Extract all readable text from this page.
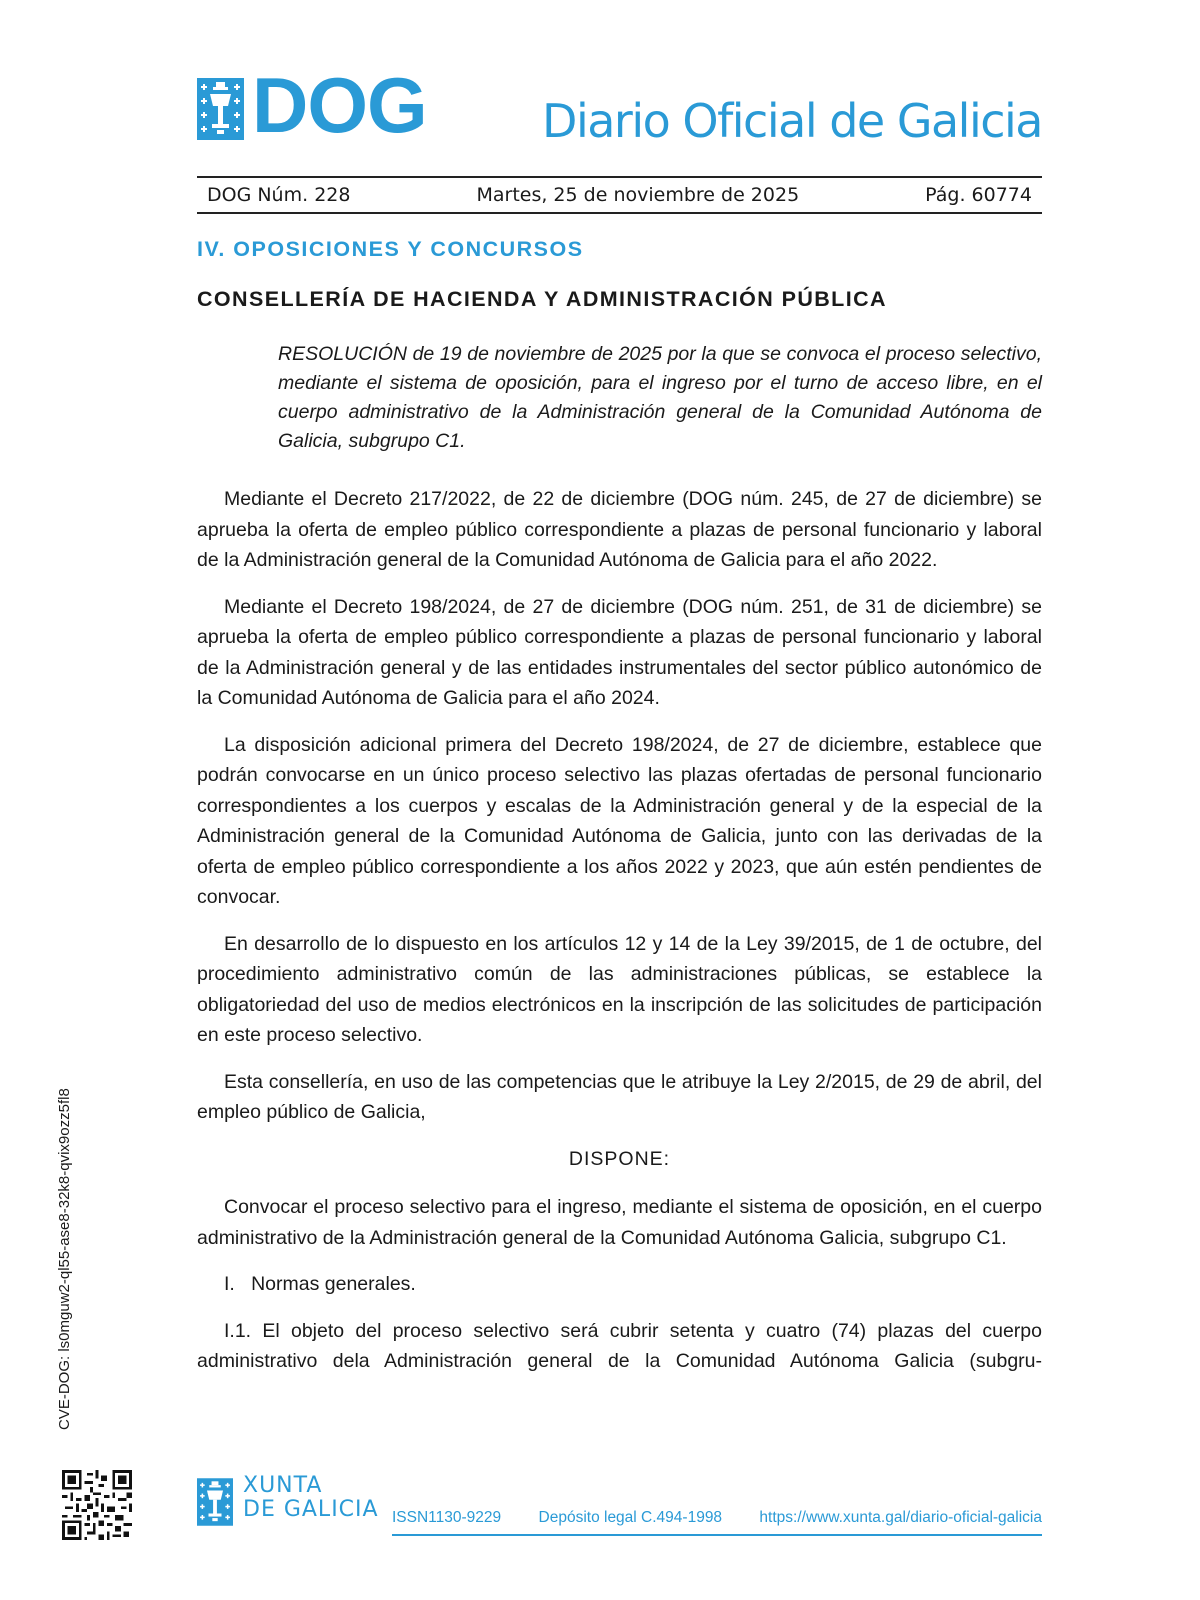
DOG	Diario Oficial de Galicia
DOG Núm. 228	Martes, 25 de noviembre de 2025	Pág. 60774
IV. OPOSICIONES Y CONCURSOS
CONSELLERÍA DE HACIENDA Y ADMINISTRACIÓN PÚBLICA

RESOLUCIÓN de 19 de noviembre de 2025 por la que se convoca el proceso selectivo, mediante el sistema de oposición, para el ingreso por el turno de acceso libre, en el cuerpo administrativo de la Administración general de la Comunidad Autónoma de Galicia, subgrupo C1.

Mediante el Decreto 217/2022, de 22 de diciembre (DOG núm. 245, de 27 de diciembre) se aprueba la oferta de empleo público correspondiente a plazas de personal funcionario y laboral de la Administración general de la Comunidad Autónoma de Galicia para el año 2022.

Mediante el Decreto 198/2024, de 27 de diciembre (DOG núm. 251, de 31 de diciembre) se aprueba la oferta de empleo público correspondiente a plazas de personal funcionario y laboral de la Administración general y de las entidades instrumentales del sector público autonómico de la Comunidad Autónoma de Galicia para el año 2024.

La disposición adicional primera del Decreto 198/2024, de 27 de diciembre, establece que podrán convocarse en un único proceso selectivo las plazas ofertadas de personal funcionario correspondientes a los cuerpos y escalas de la Administración general y de la especial de la Administración general de la Comunidad Autónoma de Galicia, junto con las derivadas de la oferta de empleo público correspondiente a los años 2022 y 2023, que aún estén pendientes de convocar.

En desarrollo de lo dispuesto en los artículos 12 y 14 de la Ley 39/2015, de 1 de octubre, del procedimiento administrativo común de las administraciones públicas, se establece la obligatoriedad del uso de medios electrónicos en la inscripción de las solicitudes de participación en este proceso selectivo.

Esta consellería, en uso de las competencias que le atribuye la Ley 2/2015, de 29 de abril, del empleo público de Galicia,

DISPONE:

Convocar el proceso selectivo para el ingreso, mediante el sistema de oposición, en el cuerpo administrativo de la Administración general de la Comunidad Autónoma Galicia, subgrupo C1.

I.   Normas generales.

I.1. El objeto del proceso selectivo será cubrir setenta y cuatro (74) plazas del cuerpo administrativo dela Administración general de la Comunidad Autónoma Galicia (subgru-

CVE-DOG: ls0mguw2-ql55-ase8-32k8-qvix9ozz5fl8
XUNTA
DE GALICIA ISSN1130-9229 Depósito legal C.494-1998 https://www.xunta.gal/diario-oficial-galicia
